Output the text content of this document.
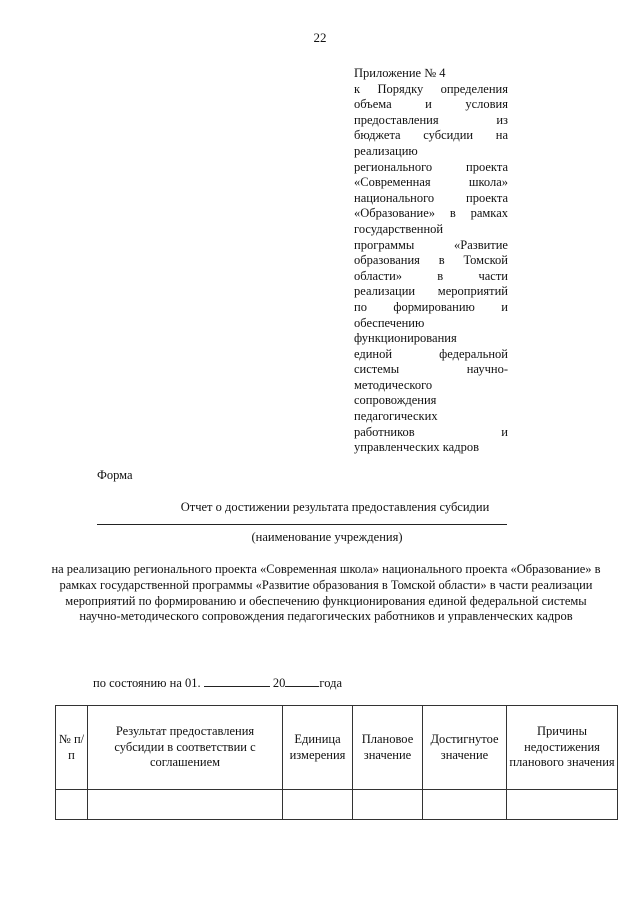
22
Приложение № 4
к Порядку определения
объема и условия
предоставления из
бюджета субсидии на
реализацию
регионального проекта
«Современная школа»
национального проекта
«Образование» в рамках
государственной
программы «Развитие
образования в Томской
области» в части
реализации мероприятий
по формированию и
обеспечению
функционирования
единой федеральной
системы научно-
методического
сопровождения
педагогических
работников и
управленческих кадров
Форма
Отчет о достижении результата предоставления субсидии
(наименование учреждения)
на реализацию регионального проекта «Современная школа» национального проекта «Образование» в рамках государственной программы «Развитие образования в Томской области» в части реализации мероприятий по формированию и обеспечению функционирования единой федеральной системы научно-методического сопровождения педагогических работников и управленческих кадров
по состоянию на 01.	20	года
№ п/п	Результат предоставления субсидии в соответствии с соглашением	Единица измерения	Плановое значение	Достигнутое значение	Причины недостижения планового значения
